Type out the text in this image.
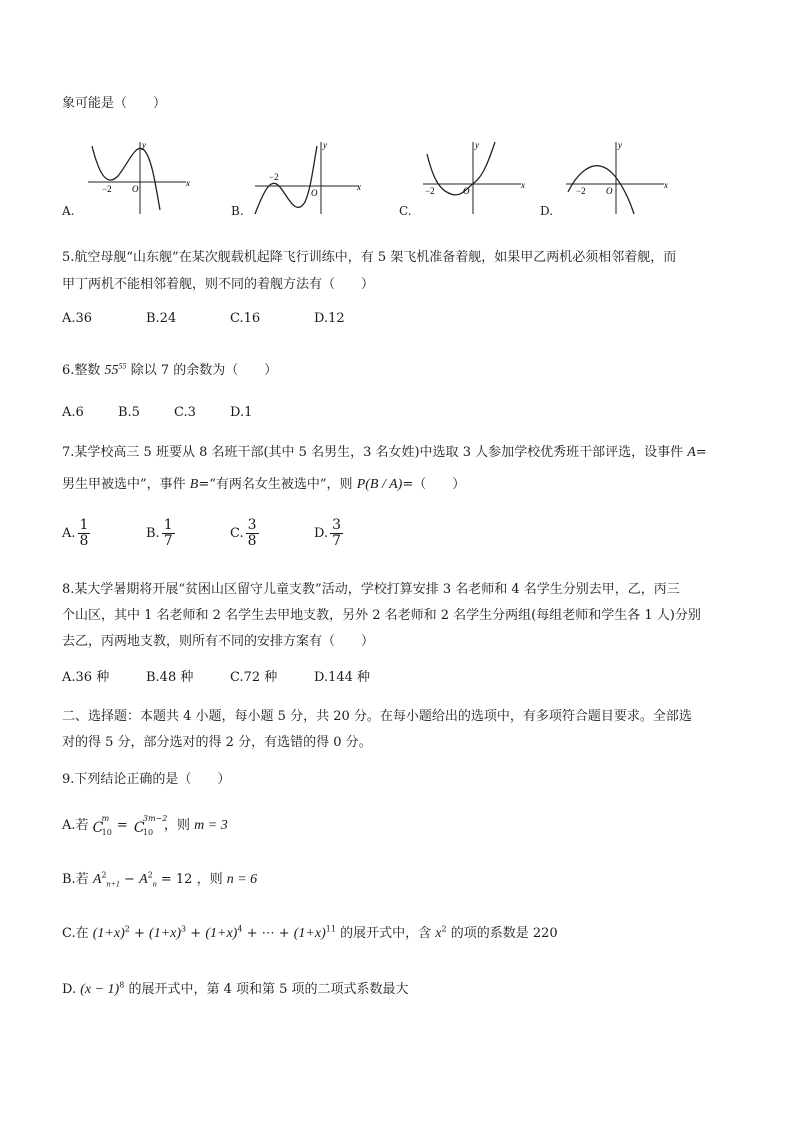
象可能是（　　）
A.
y
x
O
−2
B.
y
x
O
−2
C.
y
x
O
−2
D.
y
x
O
−2
5.航空母舰“山东舰”在某次舰载机起降飞行训练中，有 5 架飞机准备着舰，如果甲乙两机必须相邻着舰，而
甲丁两机不能相邻着舰，则不同的着舰方法有（　　）
A.36	B.24	C.16	D.12
6.整数 $55^{55}$ 除以 7 的余数为（　　）
A.6	B.5	C.3	D.1
7.某学校高三 5 班要从 8 名班干部(其中 5 名男生，3 名女姓)中选取 3 人参加学校优秀班干部评选，设事件 A=
男生甲被选中”，事件 B=“有两名女生被选中”，则 P(B / A)=（　　）
A. $\frac{1}{8}$	B. $\frac{1}{7}$	C. $\frac{3}{8}$	D. $\frac{3}{7}$
8.某大学暑期将开展“贫困山区留守儿童支教”活动，学校打算安排 3 名老师和 4 名学生分别去甲，乙，丙三
个山区，其中 1 名老师和 2 名学生去甲地支教，另外 2 名老师和 2 名学生分两组(每组老师和学生各 1 人)分别
去乙，丙两地支教，则所有不同的安排方案有（　　）
A.36 种	B.48 种	C.72 种	D.144 种
二、选择题：本题共 4 小题，每小题 5 分，共 20 分。在每小题给出的选项中，有多项符合题目要求。全部选
对的得 5 分，部分选对的得 2 分，有选错的得 0 分。
9.下列结论正确的是（　　）
A.若 C
m
10 = C
3m−2
10 ，则 m = 3
B.若 $A^2_{n+1} - A^2_n = 12$ ，则 n = 6
C.在 $(1+x)^2 + (1+x)^3 + (1+x)^4$ + ⋯ + $(1+x)^{11}$ 的展开式中，含 $x^2$ 的项的系数是 220
D. $(x - 1)^8$ 的展开式中，第 4 项和第 5 项的二项式系数最大
